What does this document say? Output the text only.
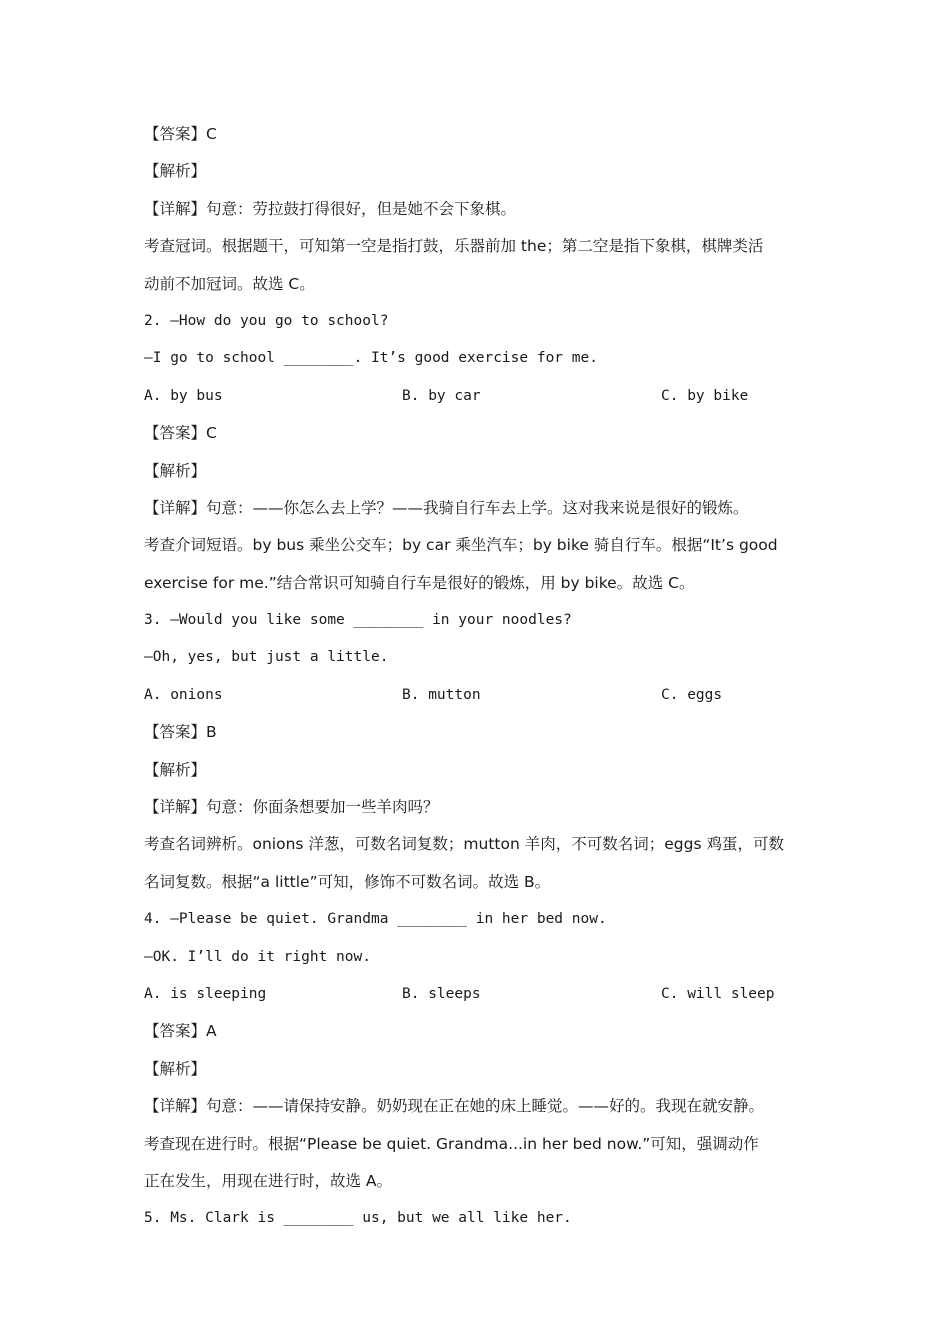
【答案】C
【解析】
【详解】句意：劳拉鼓打得很好，但是她不会下象棋。
考查冠词。根据题干，可知第一空是指打鼓，乐器前加 the；第二空是指下象棋，棋牌类活
动前不加冠词。故选 C。
2. —How do you go to school?
—I go to school ________. It’s good exercise for me.
A. by bus	B. by car	C. by bike
【答案】C
【解析】
【详解】句意：——你怎么去上学？——我骑自行车去上学。这对我来说是很好的锻炼。
考查介词短语。by bus 乘坐公交车；by car 乘坐汽车；by bike 骑自行车。根据“It’s good
exercise for me.”结合常识可知骑自行车是很好的锻炼，用 by bike。故选 C。
3. —Would you like some ________ in your noodles?
—Oh, yes, but just a little.
A. onions	B. mutton	C. eggs
【答案】B
【解析】
【详解】句意：你面条想要加一些羊肉吗？
考查名词辨析。onions 洋葱，可数名词复数；mutton 羊肉，不可数名词；eggs 鸡蛋，可数
名词复数。根据“a little”可知，修饰不可数名词。故选 B。
4. —Please be quiet. Grandma ________ in her bed now.
—OK. I’ll do it right now.
A. is sleeping	B. sleeps	C. will sleep
【答案】A
【解析】
【详解】句意：——请保持安静。奶奶现在正在她的床上睡觉。——好的。我现在就安静。
考查现在进行时。根据“Please be quiet. Grandma...in her bed now.”可知，强调动作
正在发生，用现在进行时，故选 A。
5. Ms. Clark is ________ us, but we all like her.
